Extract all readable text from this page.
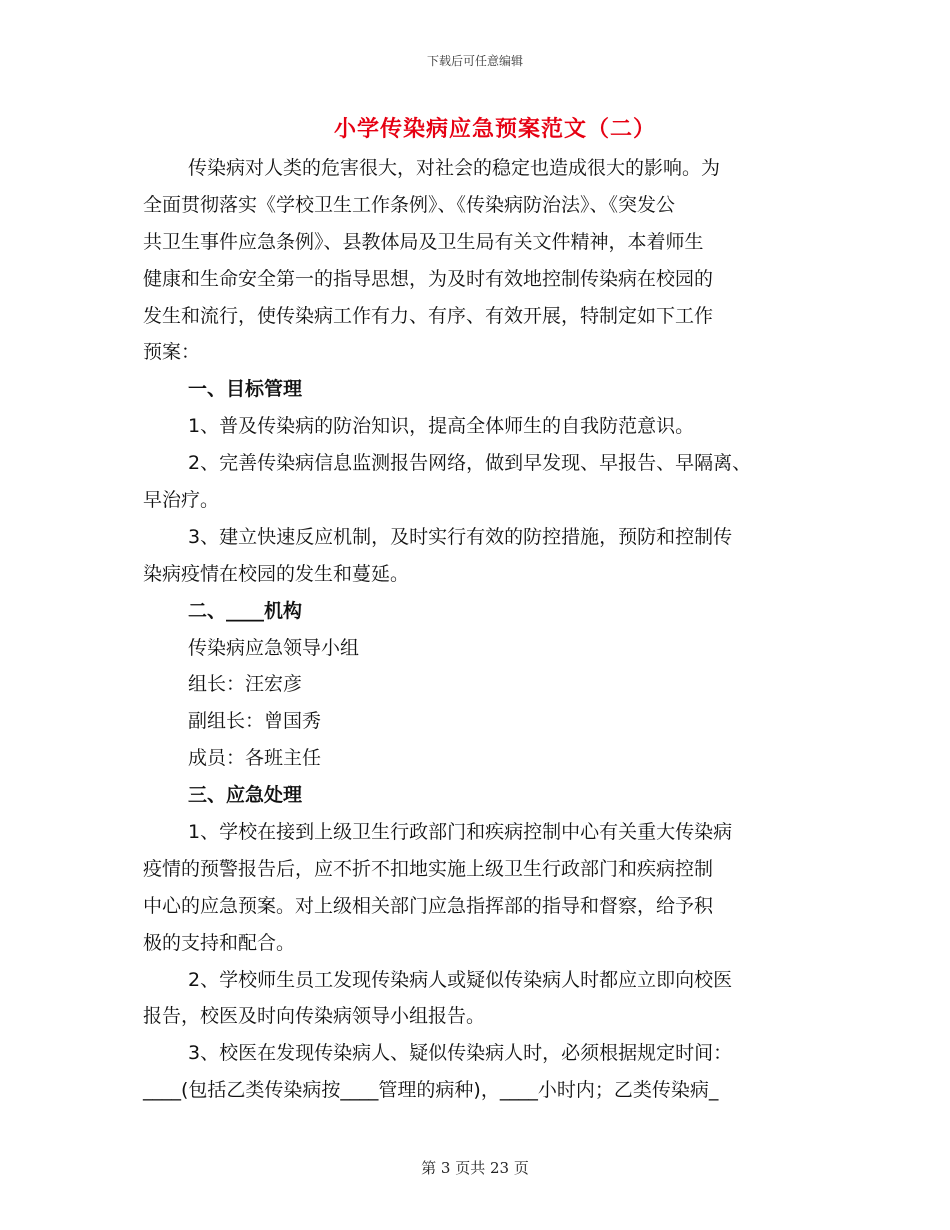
下载后可任意编辑
小学传染病应急预案范文（二）
传染病对人类的危害很大，对社会的稳定也造成很大的影响。为
全面贯彻落实《学校卫生工作条例》、《传染病防治法》、《突发公
共卫生事件应急条例》、县教体局及卫生局有关文件精神，本着师生
健康和生命安全第一的指导思想，为及时有效地控制传染病在校园的
发生和流行，使传染病工作有力、有序、有效开展，特制定如下工作
预案：
一、目标管理
1、普及传染病的防治知识，提高全体师生的自我防范意识。
2、完善传染病信息监测报告网络，做到早发现、早报告、早隔离、
早治疗。
3、建立快速反应机制，及时实行有效的防控措施，预防和控制传
染病疫情在校园的发生和蔓延。
二、____机构
传染病应急领导小组
组长：汪宏彦
副组长：曾国秀
成员：各班主任
三、应急处理
1、学校在接到上级卫生行政部门和疾病控制中心有关重大传染病
疫情的预警报告后，应不折不扣地实施上级卫生行政部门和疾病控制
中心的应急预案。对上级相关部门应急指挥部的指导和督察，给予积
极的支持和配合。
2、学校师生员工发现传染病人或疑似传染病人时都应立即向校医
报告，校医及时向传染病领导小组报告。
3、校医在发现传染病人、疑似传染病人时，必须根据规定时间：
____(包括乙类传染病按____管理的病种)，____小时内；乙类传染病_
第 3 页共 23 页
